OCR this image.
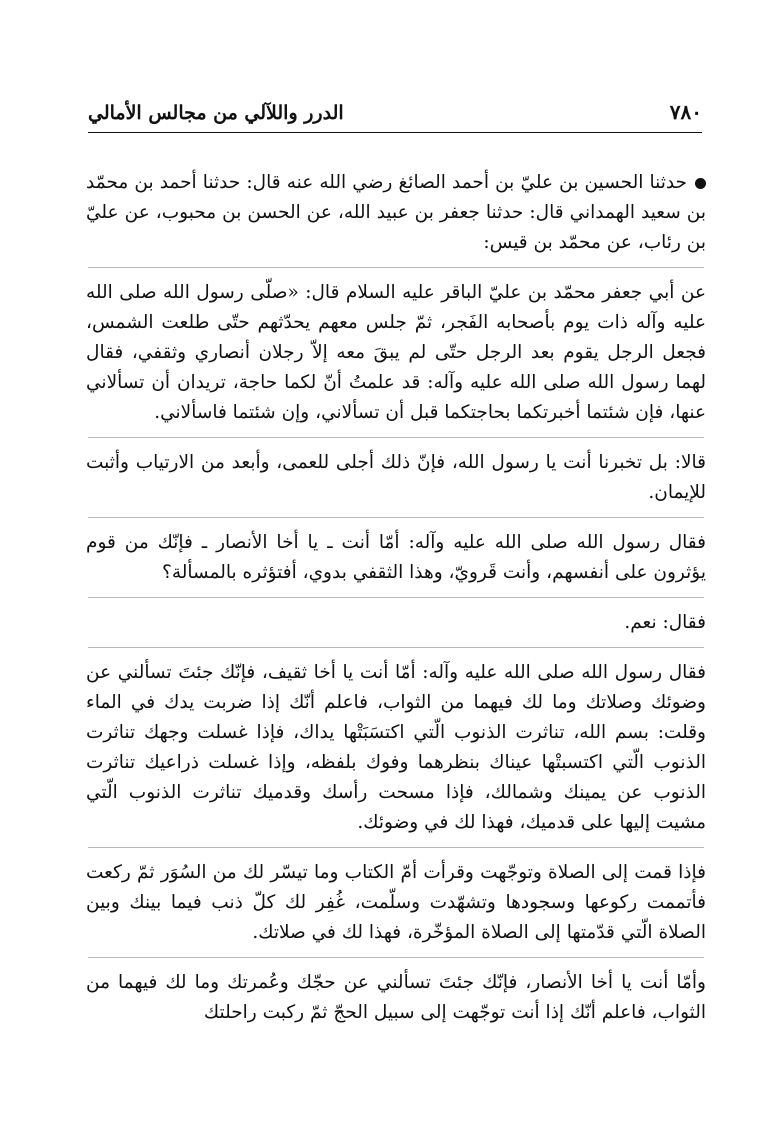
الدرر واللآلي من مجالس الأمالي	٧٨٠

حدثنا الحسين بن عليّ بن أحمد الصائغ رضي الله عنه قال: حدثنا أحمد بن محمّد بن سعيد الهمداني قال: حدثنا جعفر بن عبيد الله، عن الحسن بن محبوب، عن عليّ بن رئاب، عن محمّد بن قيس:

عن أبي جعفر محمّد بن عليّ الباقر عليه السلام قال: «صلّى رسول الله صلى الله عليه وآله ذات يوم بأصحابه الفَجر، ثمّ جلس معهم يحدّثهم حتّى طلعت الشمس، فجعل الرجل يقوم بعد الرجل حتّى لم يبقَ معه إلاّ رجلان أنصاري وثقفي، فقال لهما رسول الله صلى الله عليه وآله: قد علمتُ أنّ لكما حاجة، تريدان أن تسألاني عنها، فإن شئتما أخبرتكما بحاجتكما قبل أن تسألاني، وإن شئتما فاسألاني.

قالا: بل تخبرنا أنت يا رسول الله، فإنّ ذلك أجلى للعمى، وأبعد من الارتياب وأثبت للإيمان.

فقال رسول الله صلى الله عليه وآله: أمّا أنت ـ يا أخا الأنصار ـ فإنّك من قوم يؤثرون على أنفسهم، وأنت قَرويّ، وهذا الثقفي بدوي، أفتؤثره بالمسألة؟

فقال: نعم.

فقال رسول الله صلى الله عليه وآله: أمّا أنت يا أخا ثقيف، فإنّك جئتَ تسألني عن وضوئك وصلاتك وما لك فيهما من الثواب، فاعلم أنّك إذا ضربت يدك في الماء وقلت: بسم الله، تناثرت الذنوب الّتي اكتسَبَتْها يداك، فإذا غسلت وجهك تناثرت الذنوب الّتي اكتسبتْها عيناك بنظرهما وفوك بلفظه، وإذا غسلت ذراعيك تناثرت الذنوب عن يمينك وشمالك، فإذا مسحت رأسك وقدميك تناثرت الذنوب الّتي مشيت إليها على قدميك، فهذا لك في وضوئك.

فإذا قمت إلى الصلاة وتوجّهت وقرأت أمّ الكتاب وما تيسّر لك من السُوَر ثمّ ركعت فأتممت ركوعها وسجودها وتشهّدت وسلّمت، غُفِر لك كلّ ذنب فيما بينك وبين الصلاة الّتي قدّمتها إلى الصلاة المؤخّرة، فهذا لك في صلاتك.

وأمّا أنت يا أخا الأنصار، فإنّك جئتَ تسألني عن حجّك وعُمرتك وما لك فيهما من الثواب، فاعلم أنّك إذا أنت توجّهت إلى سبيل الحجّ ثمّ ركبت راحلتك
